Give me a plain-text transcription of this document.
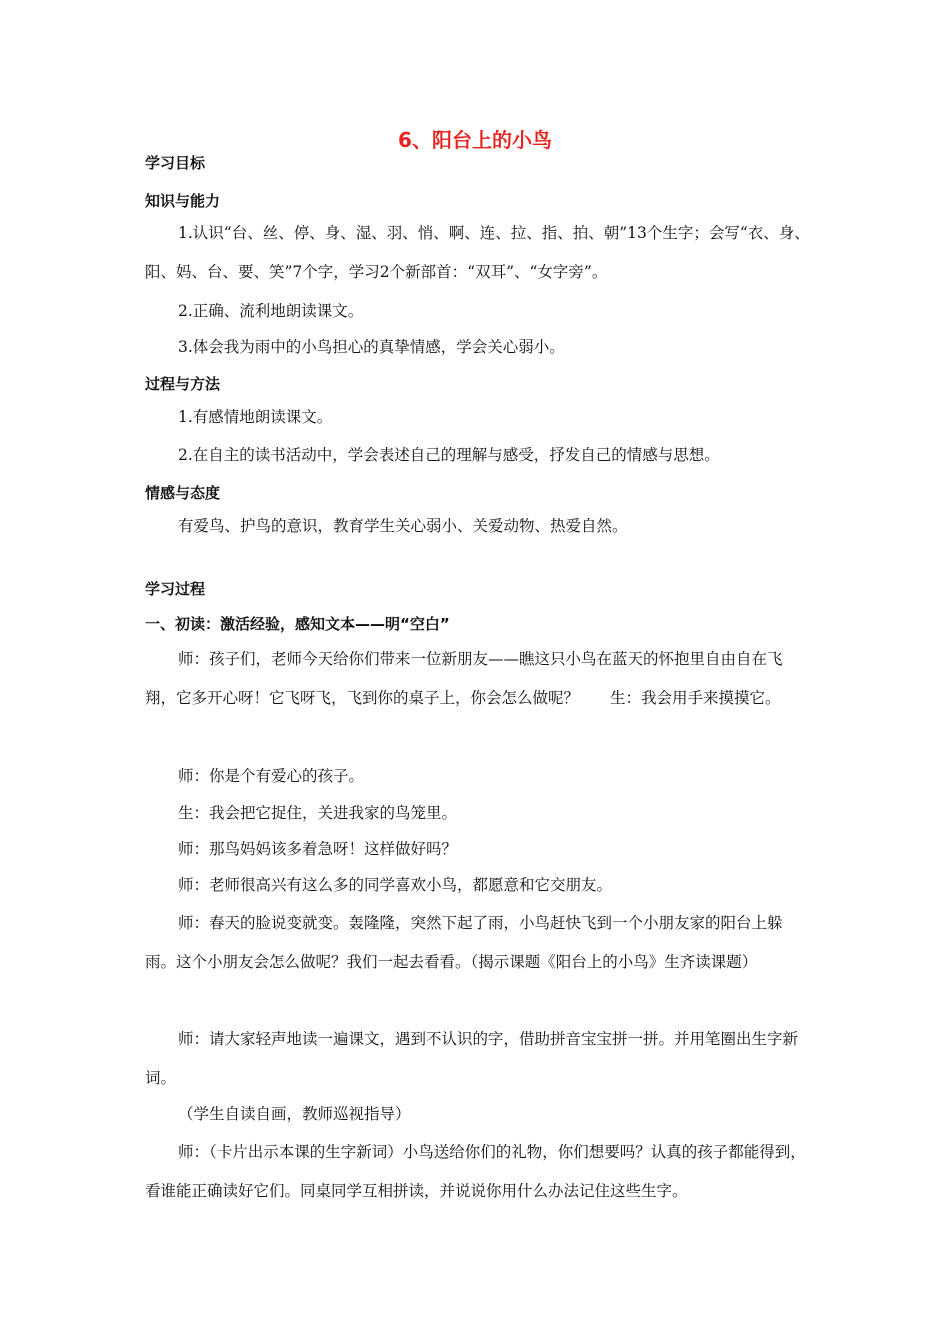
6、阳台上的小鸟
学习目标
知识与能力
1.认识“台、丝、停、身、湿、羽、悄、啊、连、拉、指、拍、朝”13个生字；会写“衣、身、阳、妈、台、要、笑”7个字，学习2个新部首：“双耳”、“女字旁”。
2.正确、流利地朗读课文。
3.体会我为雨中的小鸟担心的真挚情感，学会关心弱小。
过程与方法
1.有感情地朗读课文。
2.在自主的读书活动中，学会表述自己的理解与感受，抒发自己的情感与思想。
情感与态度
有爱鸟、护鸟的意识，教育学生关心弱小、关爱动物、热爱自然。
学习过程
一、初读：激活经验，感知文本——明“空白”
师：孩子们，老师今天给你们带来一位新朋友——瞧这只小鸟在蓝天的怀抱里自由自在飞翔，它多开心呀！它飞呀飞，飞到你的桌子上，你会怎么做呢？　　生：我会用手来摸摸它。
师：你是个有爱心的孩子。
生：我会把它捉住，关进我家的鸟笼里。
师：那鸟妈妈该多着急呀！这样做好吗？
师：老师很高兴有这么多的同学喜欢小鸟，都愿意和它交朋友。
师：春天的脸说变就变。轰隆隆，突然下起了雨，小鸟赶快飞到一个小朋友家的阳台上躲雨。这个小朋友会怎么做呢？我们一起去看看。（揭示课题《阳台上的小鸟》生齐读课题）
师：请大家轻声地读一遍课文，遇到不认识的字，借助拼音宝宝拼一拼。并用笔圈出生字新词。
（学生自读自画，教师巡视指导）
师：（卡片出示本课的生字新词）小鸟送给你们的礼物，你们想要吗？认真的孩子都能得到，看谁能正确读好它们。同桌同学互相拼读，并说说你用什么办法记住这些生字。
